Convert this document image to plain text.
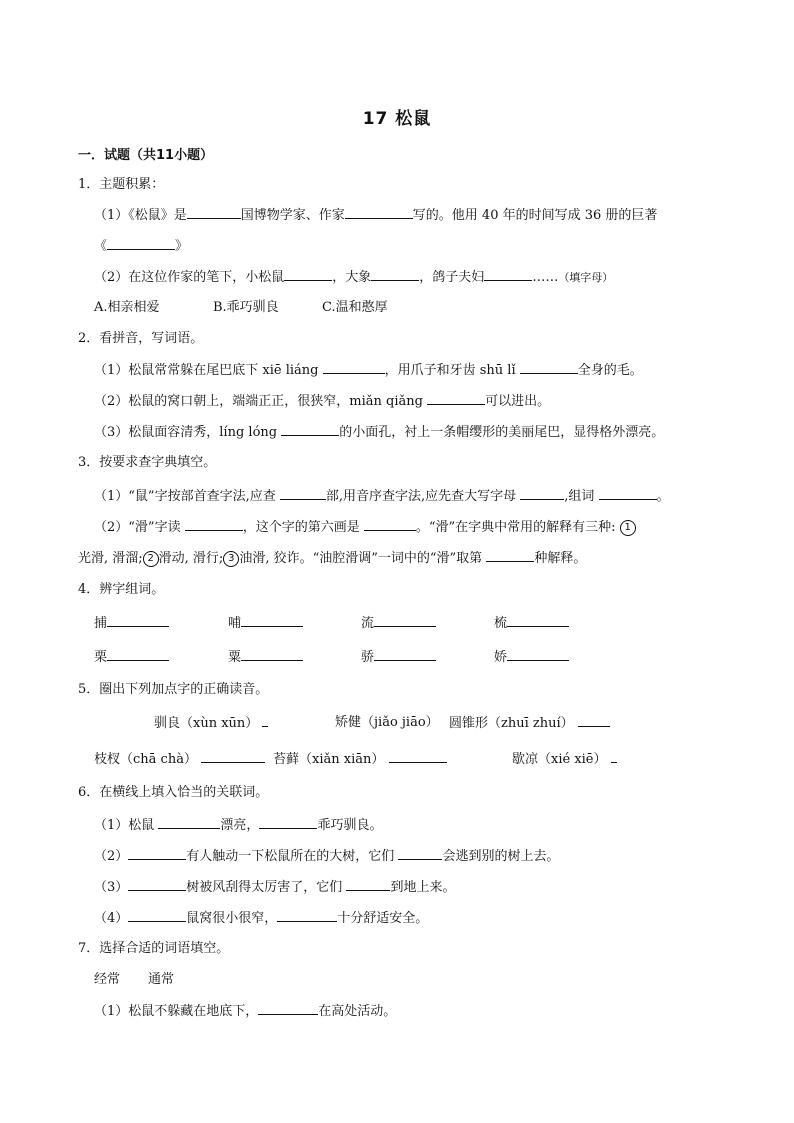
17 松鼠
一．试题（共11小题）
1．主题积累：
（1）《松鼠》是	国博物学家、作家	写的。他用 40 年的时间写成 36 册的巨著
《	》
（2）在这位作家的笔下，小松鼠	，大象	，鸽子夫妇	……（填字母）
A.相亲相爱	B.乖巧驯良	C.温和憨厚
2．看拼音，写词语。
（1）松鼠常常躲在尾巴底下 xiē liáng	，用爪子和牙齿 shū lǐ	全身的毛。
（2）松鼠的窝口朝上，端端正正，很狭窄，miǎn qiǎng	可以进出。
（3）松鼠面容清秀，líng lóng	的小面孔，衬上一条帽缨形的美丽尾巴，显得格外漂亮。
3．按要求查字典填空。
（1）“鼠”字按部首查字法,应查	部,用音序查字法,应先查大写字母	,组词	。
（2）“滑”字读	，这个字的第六画是	。“滑”在字典中常用的解释有三种: 1
光滑, 滑溜; 2 滑动, 滑行; 3 油滑, 狡诈。“油腔滑调”一词中的“滑”取第	种解释。
4．辨字组词。
捕	哺	流	梳
栗	粟	骄	娇
5．圈出下列加点字的正确读音。
驯良（xùn xūn）	矫健（jiǎo jiāo） 圆锥形（zhuī zhuí）
枝杈（chā chà）	苔藓（xiǎn xiān）	歇凉（xié xiē）
6．在横线上填入恰当的关联词。
（1）松鼠	漂亮，	乖巧驯良。
（2）	有人触动一下松鼠所在的大树，它们	会逃到别的树上去。
（3）	树被风刮得太厉害了，它们	到地上来。
（4）	鼠窝很小很窄，	十分舒适安全。
7．选择合适的词语填空。
经常 通常
（1）松鼠不躲藏在地底下，	在高处活动。
